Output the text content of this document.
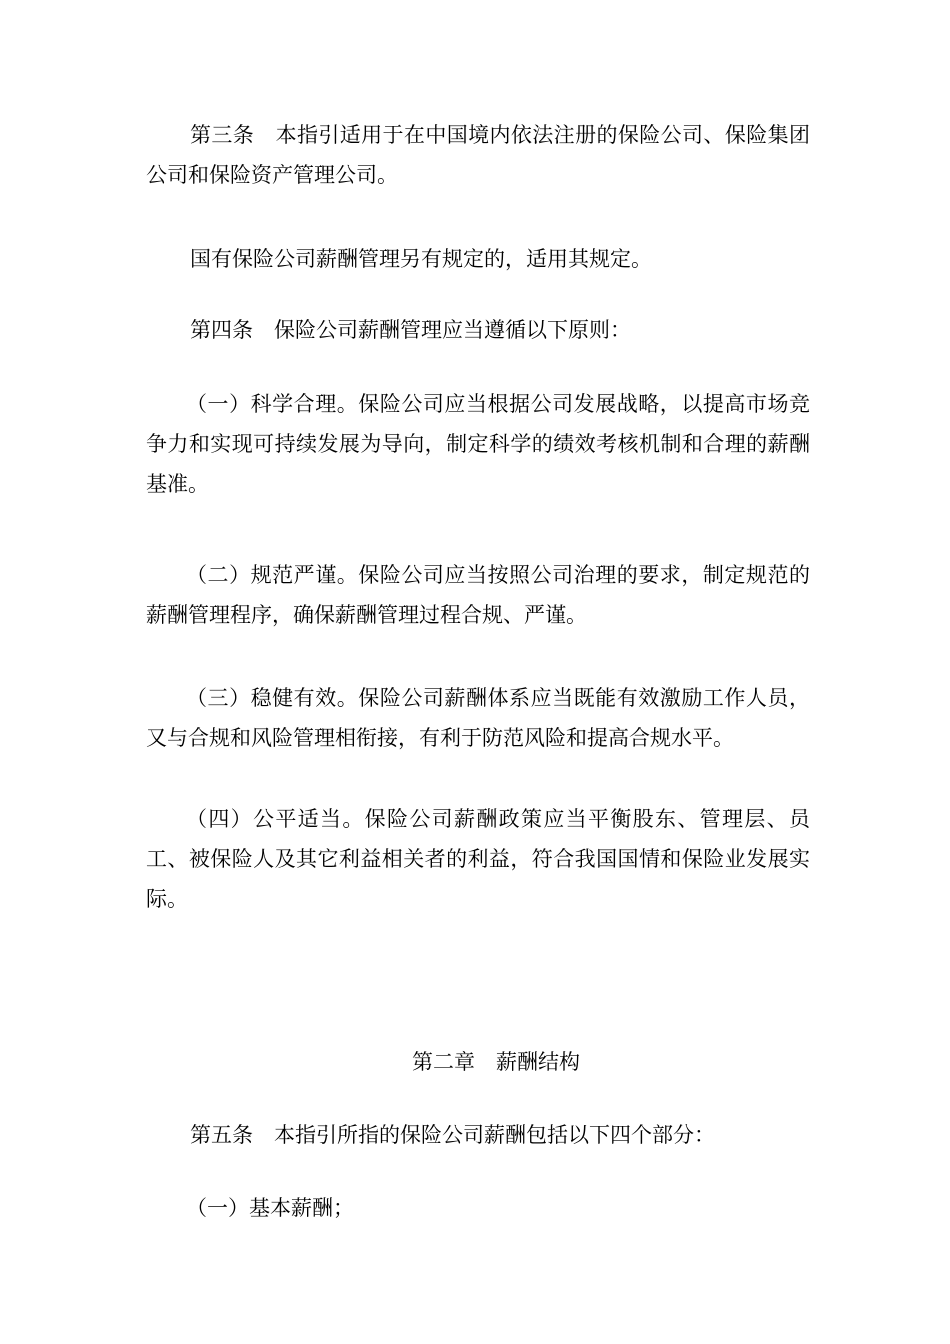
第三条　本指引适用于在中国境内依法注册的保险公司、保险集团公司和保险资产管理公司。

国有保险公司薪酬管理另有规定的，适用其规定。

第四条　保险公司薪酬管理应当遵循以下原则：

（一）科学合理。保险公司应当根据公司发展战略，以提高市场竞争力和实现可持续发展为导向，制定科学的绩效考核机制和合理的薪酬基准。

（二）规范严谨。保险公司应当按照公司治理的要求，制定规范的薪酬管理程序，确保薪酬管理过程合规、严谨。

（三）稳健有效。保险公司薪酬体系应当既能有效激励工作人员，又与合规和风险管理相衔接，有利于防范风险和提高合规水平。

（四）公平适当。保险公司薪酬政策应当平衡股东、管理层、员工、被保险人及其它利益相关者的利益，符合我国国情和保险业发展实际。

第二章　薪酬结构

第五条　本指引所指的保险公司薪酬包括以下四个部分：

（一）基本薪酬；
